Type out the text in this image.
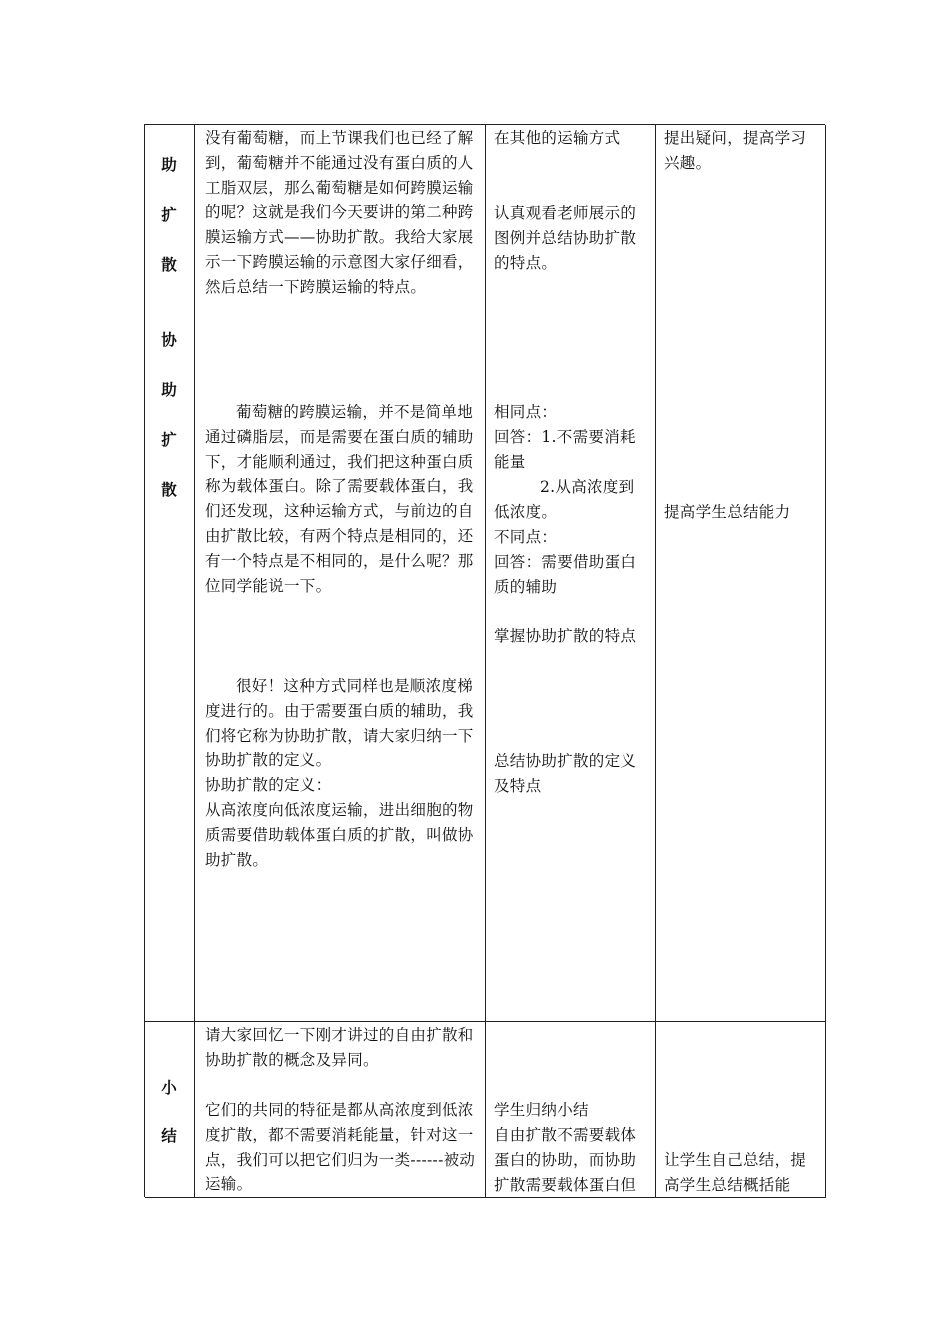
助
扩
散
协
助
扩
散
没有葡萄糖，而上节课我们也已经了解到，葡萄糖并不能通过没有蛋白质的人工脂双层，那么葡萄糖是如何跨膜运输的呢？这就是我们今天要讲的第二种跨膜运输方式——协助扩散。我给大家展示一下跨膜运输的示意图大家仔细看，然后总结一下跨膜运输的特点。
葡萄糖的跨膜运输，并不是简单地通过磷脂层，而是需要在蛋白质的辅助下，才能顺利通过，我们把这种蛋白质称为载体蛋白。除了需要载体蛋白，我们还发现，这种运输方式，与前边的自由扩散比较，有两个特点是相同的，还有一个特点是不相同的，是什么呢？那位同学能说一下。
很好！这种方式同样也是顺浓度梯度进行的。由于需要蛋白质的辅助，我们将它称为协助扩散，请大家归纳一下协助扩散的定义。
协助扩散的定义：
从高浓度向低浓度运输，进出细胞的物质需要借助载体蛋白质的扩散，叫做协助扩散。
在其他的运输方式
认真观看老师展示的图例并总结协助扩散的特点。
相同点：
回答：1.不需要消耗能量
2.从高浓度到低浓度。
不同点：
回答：需要借助蛋白质的辅助
掌握协助扩散的特点
总结协助扩散的定义及特点
提出疑问，提高学习兴趣。
提高学生总结能力
小
结
请大家回忆一下刚才讲过的自由扩散和协助扩散的概念及异同。
它们的共同的特征是都从高浓度到低浓度扩散，都不需要消耗能量，针对这一点，我们可以把它们归为一类------被动运输。
学生归纳小结
自由扩散不需要载体蛋白的协助，而协助扩散需要载体蛋白但
让学生自己总结，提高学生总结概括能
